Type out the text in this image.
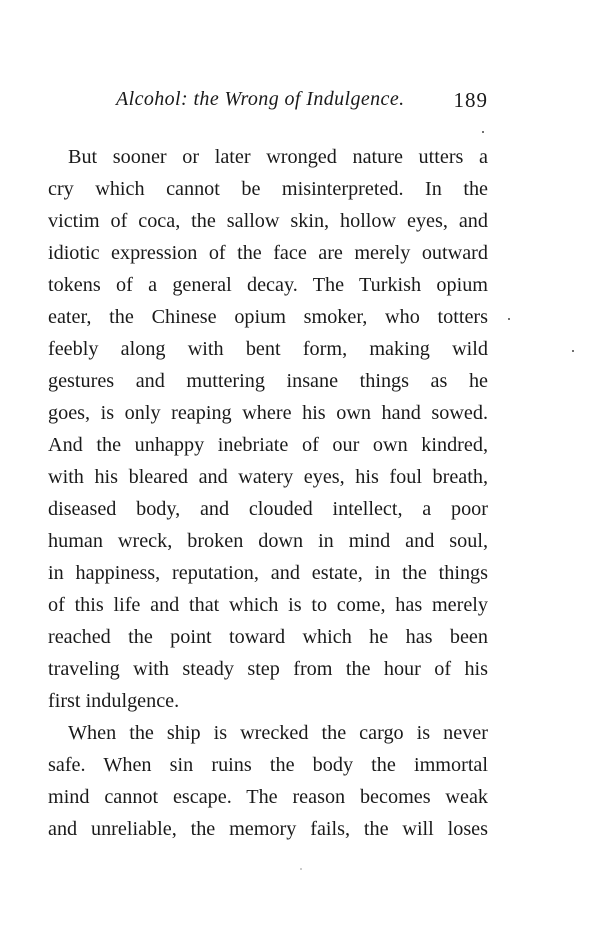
Alcohol: the Wrong of Indulgence. 189
But sooner or later wronged nature utters a
cry which cannot be misinterpreted. In the
victim of coca, the sallow skin, hollow eyes, and
idiotic expression of the face are merely outward
tokens of a general decay. The Turkish opium
eater, the Chinese opium smoker, who totters
feebly along with bent form, making wild
gestures and muttering insane things as he
goes, is only reaping where his own hand sowed.
And the unhappy inebriate of our own kindred,
with his bleared and watery eyes, his foul breath,
diseased body, and clouded intellect, a poor
human wreck, broken down in mind and soul,
in happiness, reputation, and estate, in the things
of this life and that which is to come, has merely
reached the point toward which he has been
traveling with steady step from the hour of his
first indulgence.
When the ship is wrecked the cargo is never
safe. When sin ruins the body the immortal
mind cannot escape. The reason becomes weak
and unreliable, the memory fails, the will loses
